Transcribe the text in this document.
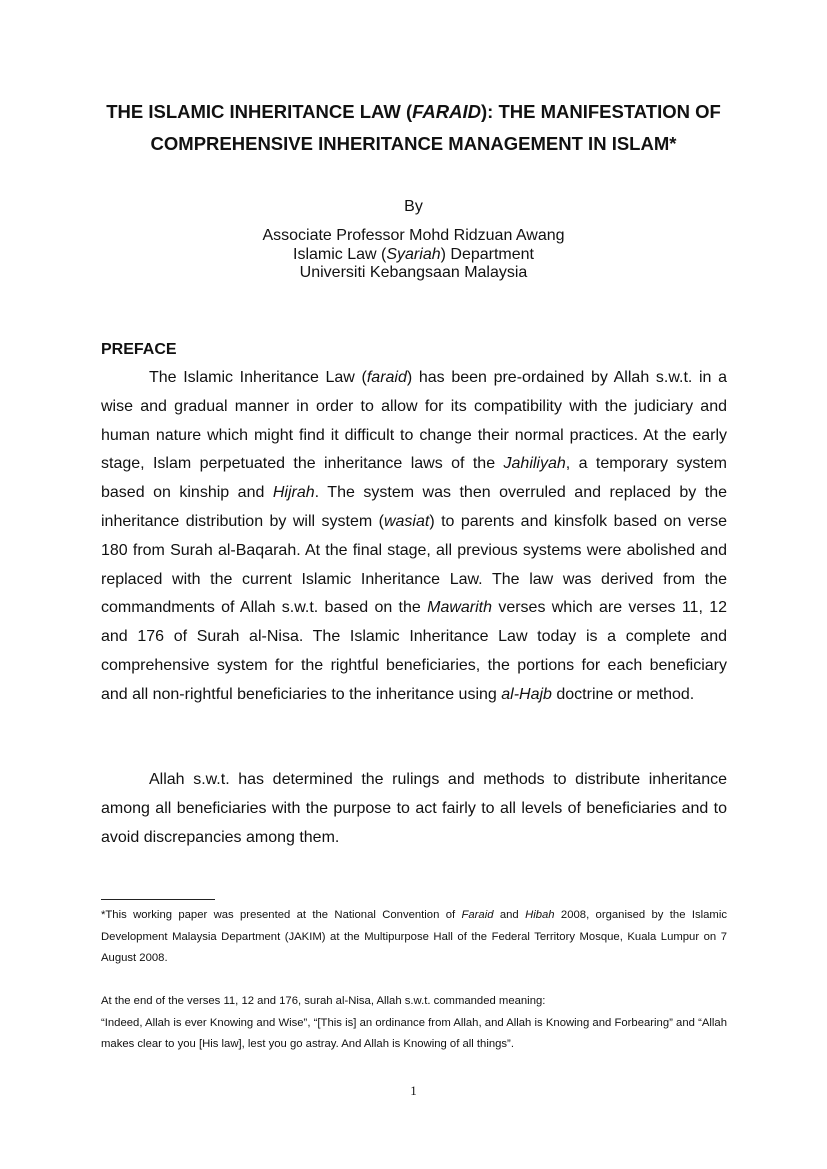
THE ISLAMIC INHERITANCE LAW (FARAID): THE MANIFESTATION OF COMPREHENSIVE INHERITANCE MANAGEMENT IN ISLAM*
By
Associate Professor Mohd Ridzuan Awang
Islamic Law (Syariah) Department
Universiti Kebangsaan Malaysia
PREFACE

The Islamic Inheritance Law (faraid) has been pre-ordained by Allah s.w.t. in a wise and gradual manner in order to allow for its compatibility with the judiciary and human nature which might find it difficult to change their normal practices. At the early stage, Islam perpetuated the inheritance laws of the Jahiliyah, a temporary system based on kinship and Hijrah. The system was then overruled and replaced by the inheritance distribution by will system (wasiat) to parents and kinsfolk based on verse 180 from Surah al-Baqarah. At the final stage, all previous systems were abolished and replaced with the current Islamic Inheritance Law. The law was derived from the commandments of Allah s.w.t. based on the Mawarith verses which are verses 11, 12 and 176 of Surah al-Nisa. The Islamic Inheritance Law today is a complete and comprehensive system for the rightful beneficiaries, the portions for each beneficiary and all non-rightful beneficiaries to the inheritance using al-Hajb doctrine or method.

Allah s.w.t. has determined the rulings and methods to distribute inheritance among all beneficiaries with the purpose to act fairly to all levels of beneficiaries and to avoid discrepancies among them.

*This working paper was presented at the National Convention of Faraid and Hibah 2008, organised by the Islamic Development Malaysia Department (JAKIM) at the Multipurpose Hall of the Federal Territory Mosque, Kuala Lumpur on 7 August 2008.

At the end of the verses 11, 12 and 176, surah al-Nisa, Allah s.w.t. commanded meaning:
“Indeed, Allah is ever Knowing and Wise”, “[This is] an ordinance from Allah, and Allah is Knowing and Forbearing” and “Allah makes clear to you [His law], lest you go astray. And Allah is Knowing of all things”.
1
